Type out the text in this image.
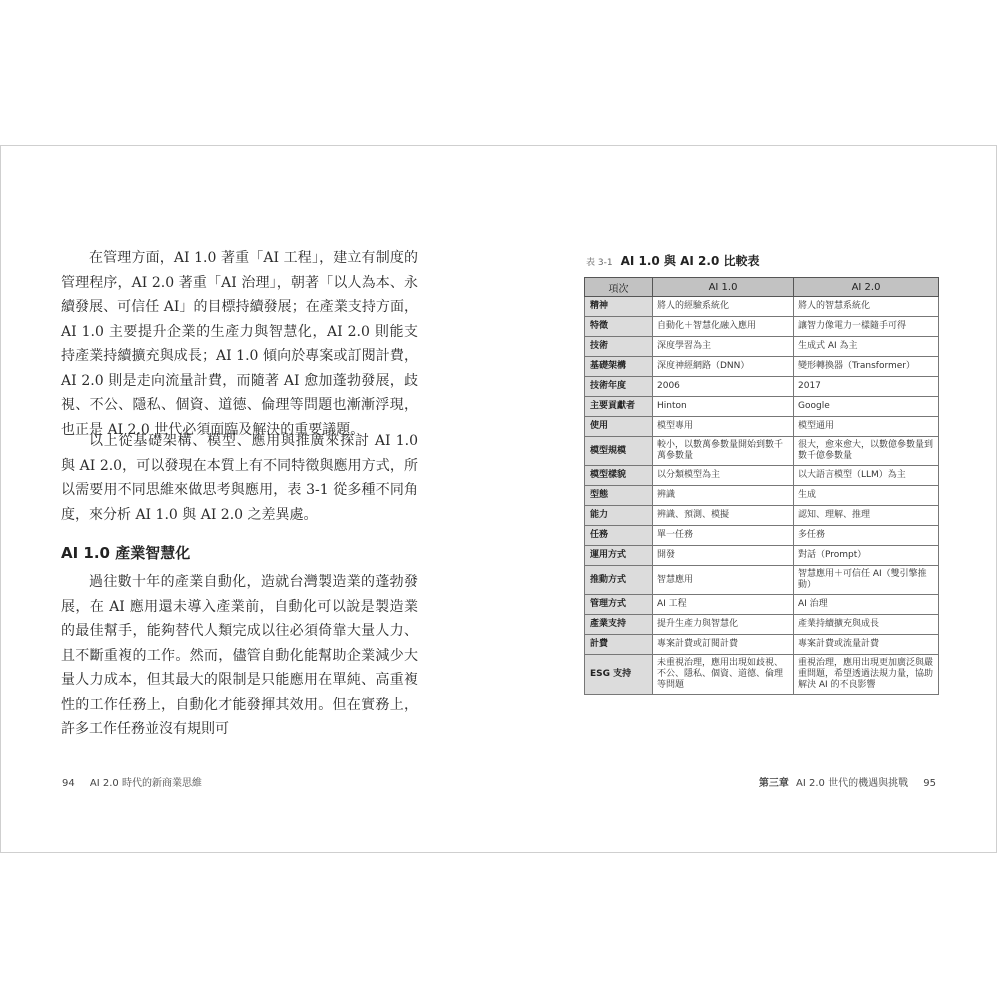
在管理方面，AI 1.0 著重「AI 工程」，建立有制度的管理程序，AI 2.0 著重「AI 治理」，朝著「以人為本、永續發展、可信任 AI」的目標持續發展；在產業支持方面，AI 1.0 主要提升企業的生產力與智慧化，AI 2.0 則能支持產業持續擴充與成長；AI 1.0 傾向於專案或訂閱計費，AI 2.0 則是走向流量計費，而隨著 AI 愈加蓬勃發展，歧視、不公、隱私、個資、道德、倫理等問題也漸漸浮現，也正是 AI 2.0 世代必須面臨及解決的重要議題。

以上從基礎架構、模型、應用與推廣來探討 AI 1.0 與 AI 2.0，可以發現在本質上有不同特徵與應用方式，所以需要用不同思維來做思考與應用，表 3-1 從多種不同角度，來分析 AI 1.0 與 AI 2.0 之差異處。

AI 1.0 產業智慧化

過往數十年的產業自動化，造就台灣製造業的蓬勃發展，在 AI 應用還未導入產業前，自動化可以說是製造業的最佳幫手，能夠替代人類完成以往必須倚靠大量人力、且不斷重複的工作。然而，儘管自動化能幫助企業減少大量人力成本，但其最大的限制是只能應用在單純、高重複性的工作任務上，自動化才能發揮其效用。但在實務上，許多工作任務並沒有規則可

94 AI 2.0 時代的新商業思維
表 3-1 AI 1.0 與 AI 2.0 比較表
項次	AI 1.0	AI 2.0
精神	將人的經驗系統化	將人的智慧系統化
特徵	自動化＋智慧化融入應用	讓智力像電力一樣隨手可得
技術	深度學習為主	生成式 AI 為主
基礎架構	深度神經網路（DNN）	變形轉換器（Transformer）
技術年度	2006	2017
主要貢獻者	Hinton	Google
使用	模型專用	模型通用
模型規模	較小，以數萬參數量開始到數千萬參數量	很大，愈來愈大，以數億參數量到數千億參數量
模型樣貌	以分類模型為主	以大語言模型（LLM）為主
型態	辨識	生成
能力	辨識、預測、模擬	認知、理解、推理
任務	單一任務	多任務
運用方式	開發	對話（Prompt）
推動方式	智慧應用	智慧應用＋可信任 AI（雙引擎推動）
管理方式	AI 工程	AI 治理
產業支持	提升生產力與智慧化	產業持續擴充與成長
計費	專案計費或訂閱計費	專案計費或流量計費
ESG 支持	未重視治理，應用出現如歧視、不公、隱私、個資、道德、倫理等問題	重視治理，應用出現更加廣泛與嚴重問題，希望透過法規力量，協助解決 AI 的不良影響
第三章 AI 2.0 世代的機遇與挑戰 95
